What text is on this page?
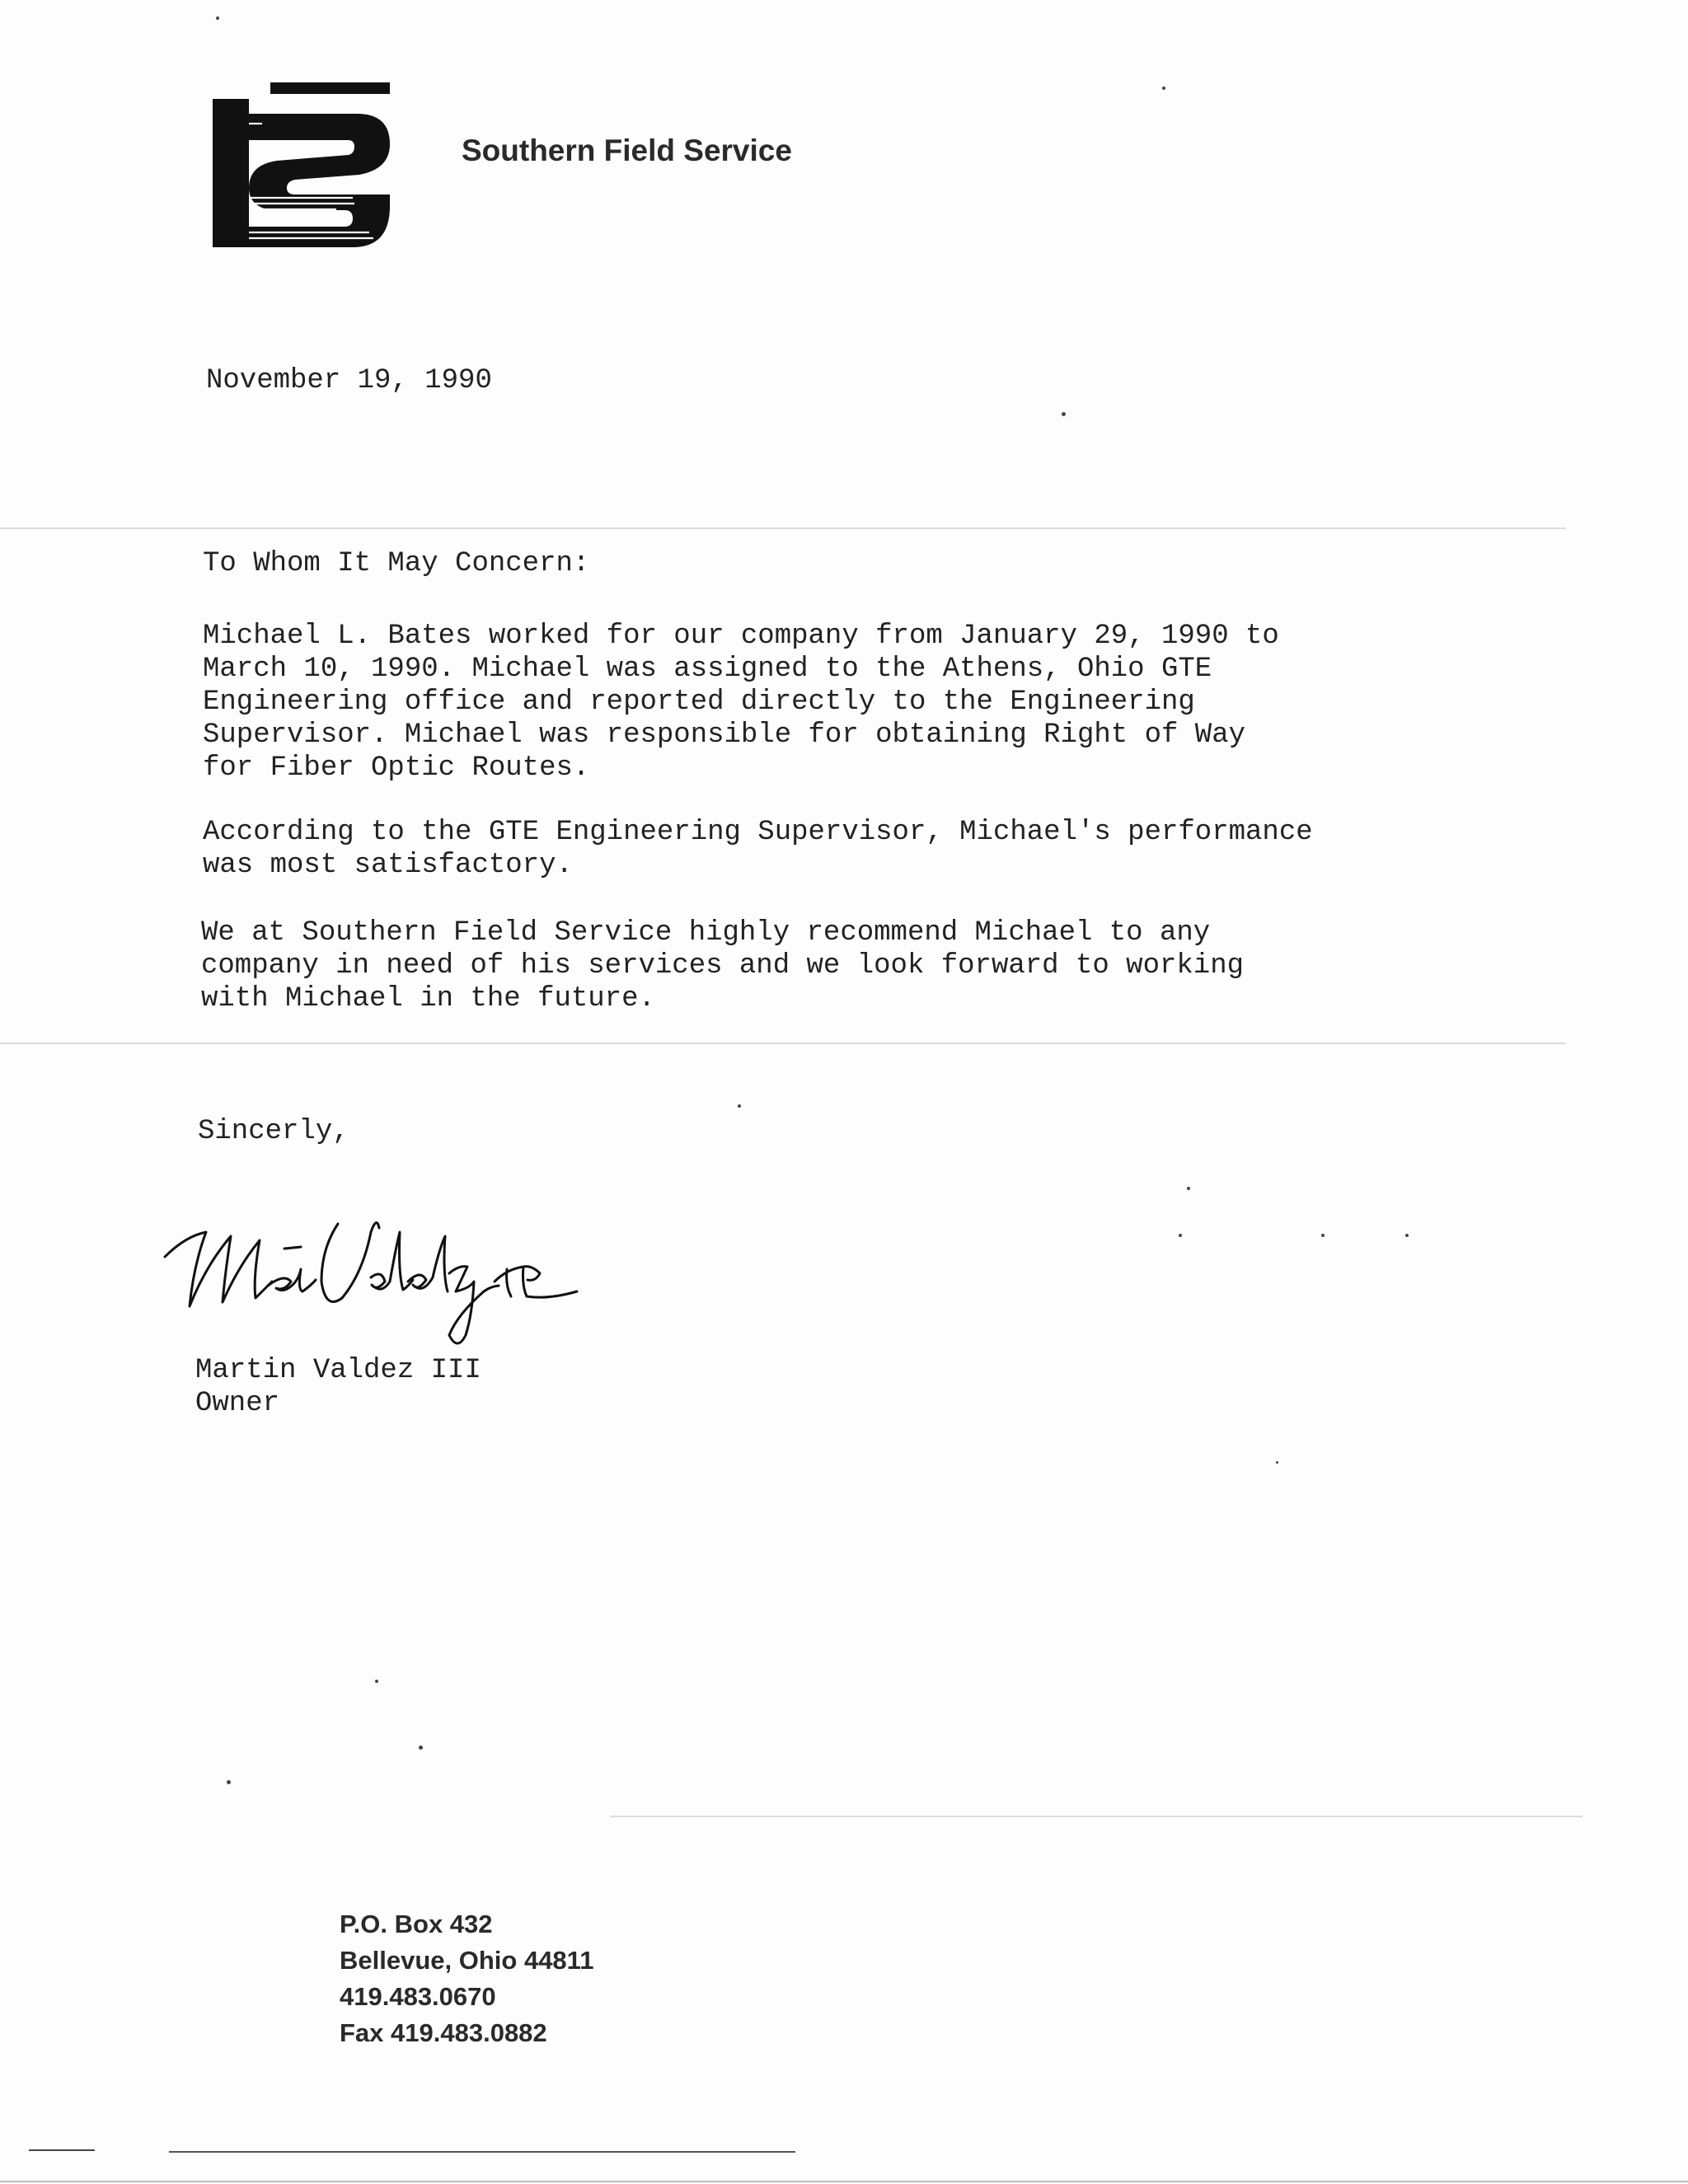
Southern Field Service
November 19, 1990
To Whom It May Concern:
Michael L. Bates worked for our company from January 29, 1990 to
March 10, 1990. Michael was assigned to the Athens, Ohio GTE
Engineering office and reported directly to the Engineering
Supervisor. Michael was responsible for obtaining Right of Way
for Fiber Optic Routes.
According to the GTE Engineering Supervisor, Michael's performance
was most satisfactory.
We at Southern Field Service highly recommend Michael to any
company in need of his services and we look forward to working
with Michael in the future.
Sincerly,
Martin Valdez III
Owner
P.O. Box 432
Bellevue, Ohio 44811
419.483.0670
Fax 419.483.0882
